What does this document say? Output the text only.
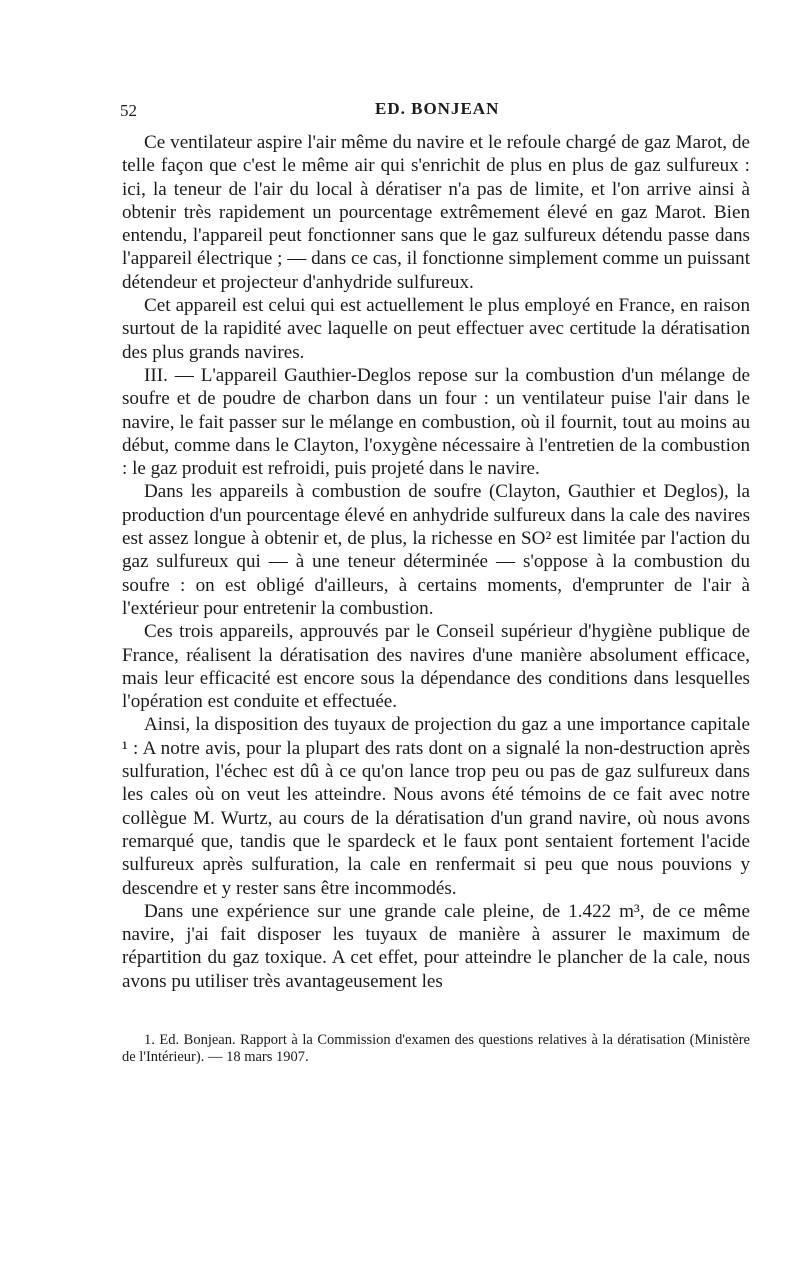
52	ED. BONJEAN

Ce ventilateur aspire l'air même du navire et le refoule chargé de gaz Marot, de telle façon que c'est le même air qui s'enrichit de plus en plus de gaz sulfureux : ici, la teneur de l'air du local à dératiser n'a pas de limite, et l'on arrive ainsi à obtenir très rapidement un pourcentage extrêmement élevé en gaz Marot. Bien entendu, l'appareil peut fonctionner sans que le gaz sulfureux détendu passe dans l'appareil électrique ; — dans ce cas, il fonctionne simplement comme un puissant détendeur et projecteur d'anhydride sulfureux.

Cet appareil est celui qui est actuellement le plus employé en France, en raison surtout de la rapidité avec laquelle on peut effectuer avec certitude la dératisation des plus grands navires.

III. — L'appareil Gauthier-Deglos repose sur la combustion d'un mélange de soufre et de poudre de charbon dans un four : un ventilateur puise l'air dans le navire, le fait passer sur le mélange en combustion, où il fournit, tout au moins au début, comme dans le Clayton, l'oxygène nécessaire à l'entretien de la combustion : le gaz produit est refroidi, puis projeté dans le navire.

Dans les appareils à combustion de soufre (Clayton, Gauthier et Deglos), la production d'un pourcentage élevé en anhydride sulfureux dans la cale des navires est assez longue à obtenir et, de plus, la richesse en SO² est limitée par l'action du gaz sulfureux qui — à une teneur déterminée — s'oppose à la combustion du soufre : on est obligé d'ailleurs, à certains moments, d'emprunter de l'air à l'extérieur pour entretenir la combustion.

Ces trois appareils, approuvés par le Conseil supérieur d'hygiène publique de France, réalisent la dératisation des navires d'une manière absolument efficace, mais leur efficacité est encore sous la dépendance des conditions dans lesquelles l'opération est conduite et effectuée.

Ainsi, la disposition des tuyaux de projection du gaz a une importance capitale ¹ : A notre avis, pour la plupart des rats dont on a signalé la non-destruction après sulfuration, l'échec est dû à ce qu'on lance trop peu ou pas de gaz sulfureux dans les cales où on veut les atteindre. Nous avons été témoins de ce fait avec notre collègue M. Wurtz, au cours de la dératisation d'un grand navire, où nous avons remarqué que, tandis que le spardeck et le faux pont sentaient fortement l'acide sulfureux après sulfuration, la cale en renfermait si peu que nous pouvions y descendre et y rester sans être incommodés.

Dans une expérience sur une grande cale pleine, de 1.422 m³, de ce même navire, j'ai fait disposer les tuyaux de manière à assurer le maximum de répartition du gaz toxique. A cet effet, pour atteindre le plancher de la cale, nous avons pu utiliser très avantageusement les

1. Ed. Bonjean. Rapport à la Commission d'examen des questions relatives à la dératisation (Ministère de l'Intérieur). — 18 mars 1907.
